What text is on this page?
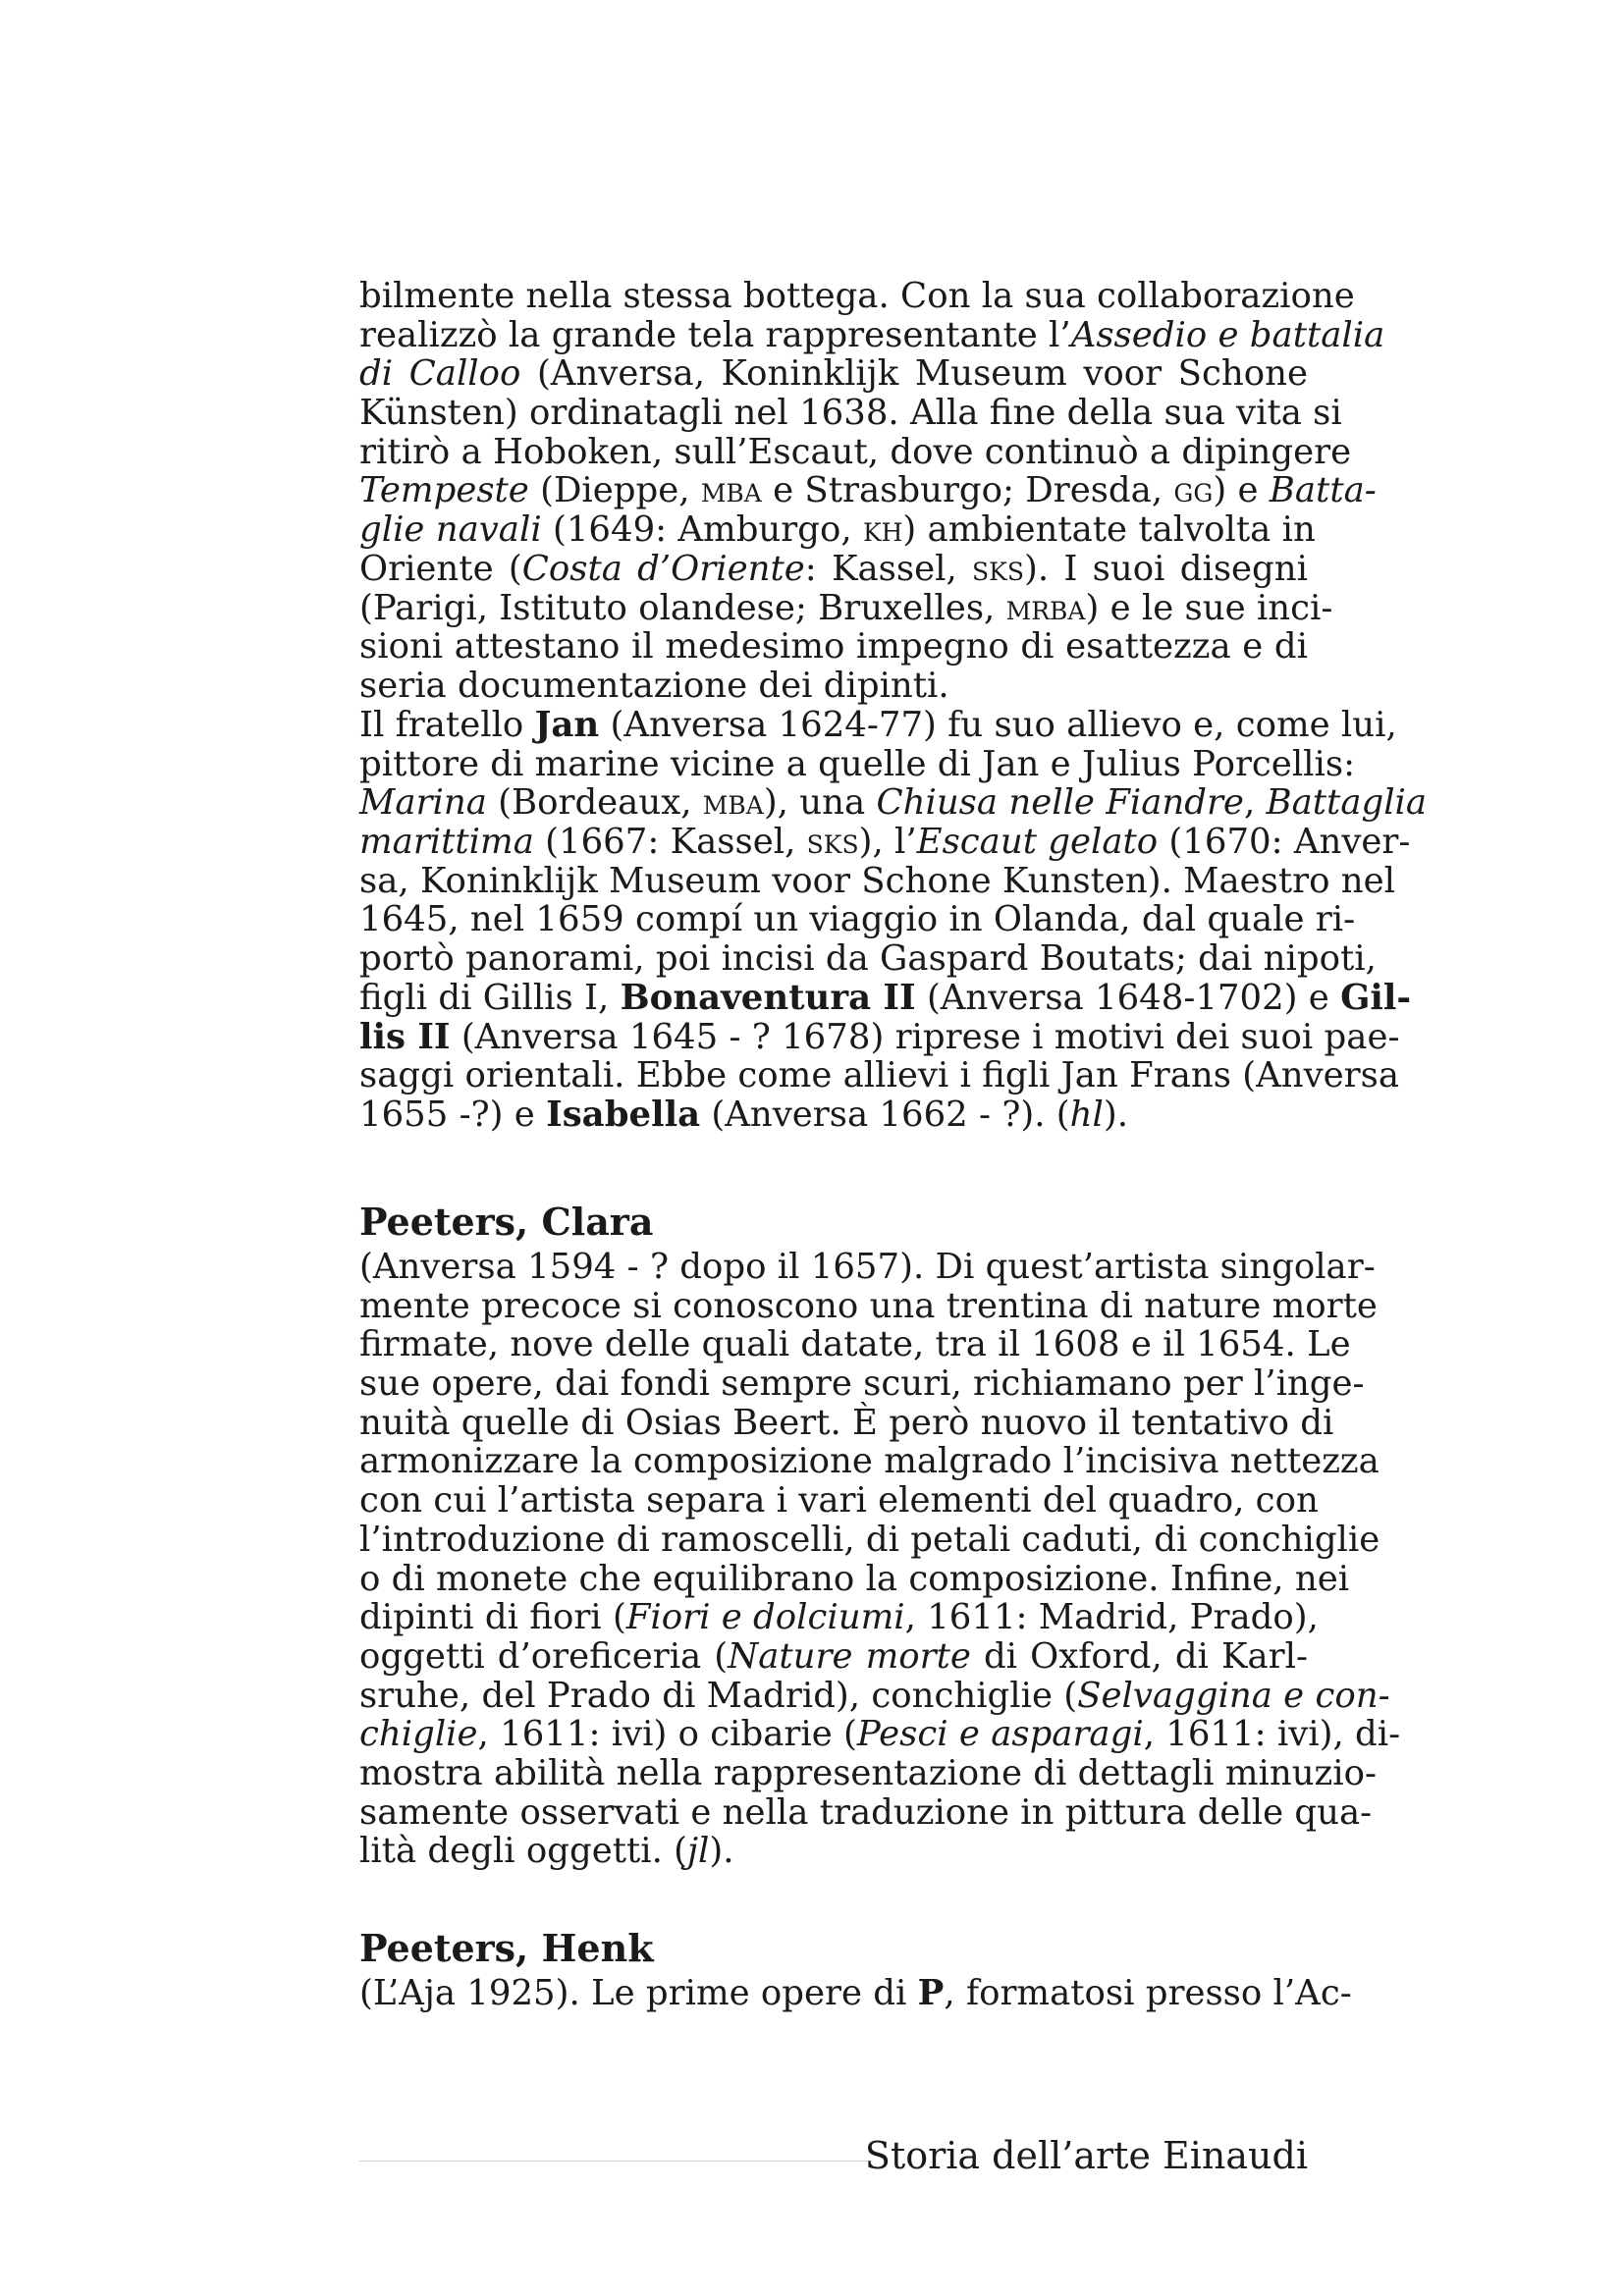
bilmente nella stessa bottega. Con la sua collaborazione
realizzò la grande tela rappresentante l’Assedio e battalia
di Calloo (Anversa, Koninklijk Museum voor Schone
Künsten) ordinatagli nel 1638. Alla fine della sua vita si
ritirò a Hoboken, sull’Escaut, dove continuò a dipingere
Tempeste (Dieppe, mba e Strasburgo; Dresda, gg) e Batta-
glie navali (1649: Amburgo, kh) ambientate talvolta in
Oriente (Costa d’Oriente: Kassel, sks). I suoi disegni
(Parigi, Istituto olandese; Bruxelles, mrba) e le sue inci-
sioni attestano il medesimo impegno di esattezza e di
seria documentazione dei dipinti.
Il fratello Jan (Anversa 1624-77) fu suo allievo e, come lui,
pittore di marine vicine a quelle di Jan e Julius Porcellis:
Marina (Bordeaux, mba), una Chiusa nelle Fiandre, Battaglia
marittima (1667: Kassel, sks), l’Escaut gelato (1670: Anver-
sa, Koninklijk Museum voor Schone Kunsten). Maestro nel
1645, nel 1659 compí un viaggio in Olanda, dal quale ri-
portò panorami, poi incisi da Gaspard Boutats; dai nipoti,
figli di Gillis I, Bonaventura II (Anversa 1648-1702) e Gil-
lis II (Anversa 1645 - ? 1678) riprese i motivi dei suoi pae-
saggi orientali. Ebbe come allievi i figli Jan Frans (Anversa
1655 -?) e Isabella (Anversa 1662 - ?). (hl).
Peeters, Clara
(Anversa 1594 - ? dopo il 1657). Di quest’artista singolar-
mente precoce si conoscono una trentina di nature morte
firmate, nove delle quali datate, tra il 1608 e il 1654. Le
sue opere, dai fondi sempre scuri, richiamano per l’inge-
nuità quelle di Osias Beert. È però nuovo il tentativo di
armonizzare la composizione malgrado l’incisiva nettezza
con cui l’artista separa i vari elementi del quadro, con
l’introduzione di ramoscelli, di petali caduti, di conchiglie
o di monete che equilibrano la composizione. Infine, nei
dipinti di fiori (Fiori e dolciumi, 1611: Madrid, Prado),
oggetti d’oreficeria (Nature morte di Oxford, di Karl-
sruhe, del Prado di Madrid), conchiglie (Selvaggina e con-
chiglie, 1611: ivi) o cibarie (Pesci e asparagi, 1611: ivi), di-
mostra abilità nella rappresentazione di dettagli minuzio-
samente osservati e nella traduzione in pittura delle qua-
lità degli oggetti. (jl).
Peeters, Henk
(L’Aja 1925). Le prime opere di P, formatosi presso l’Ac-
Storia dell’arte Einaudi
